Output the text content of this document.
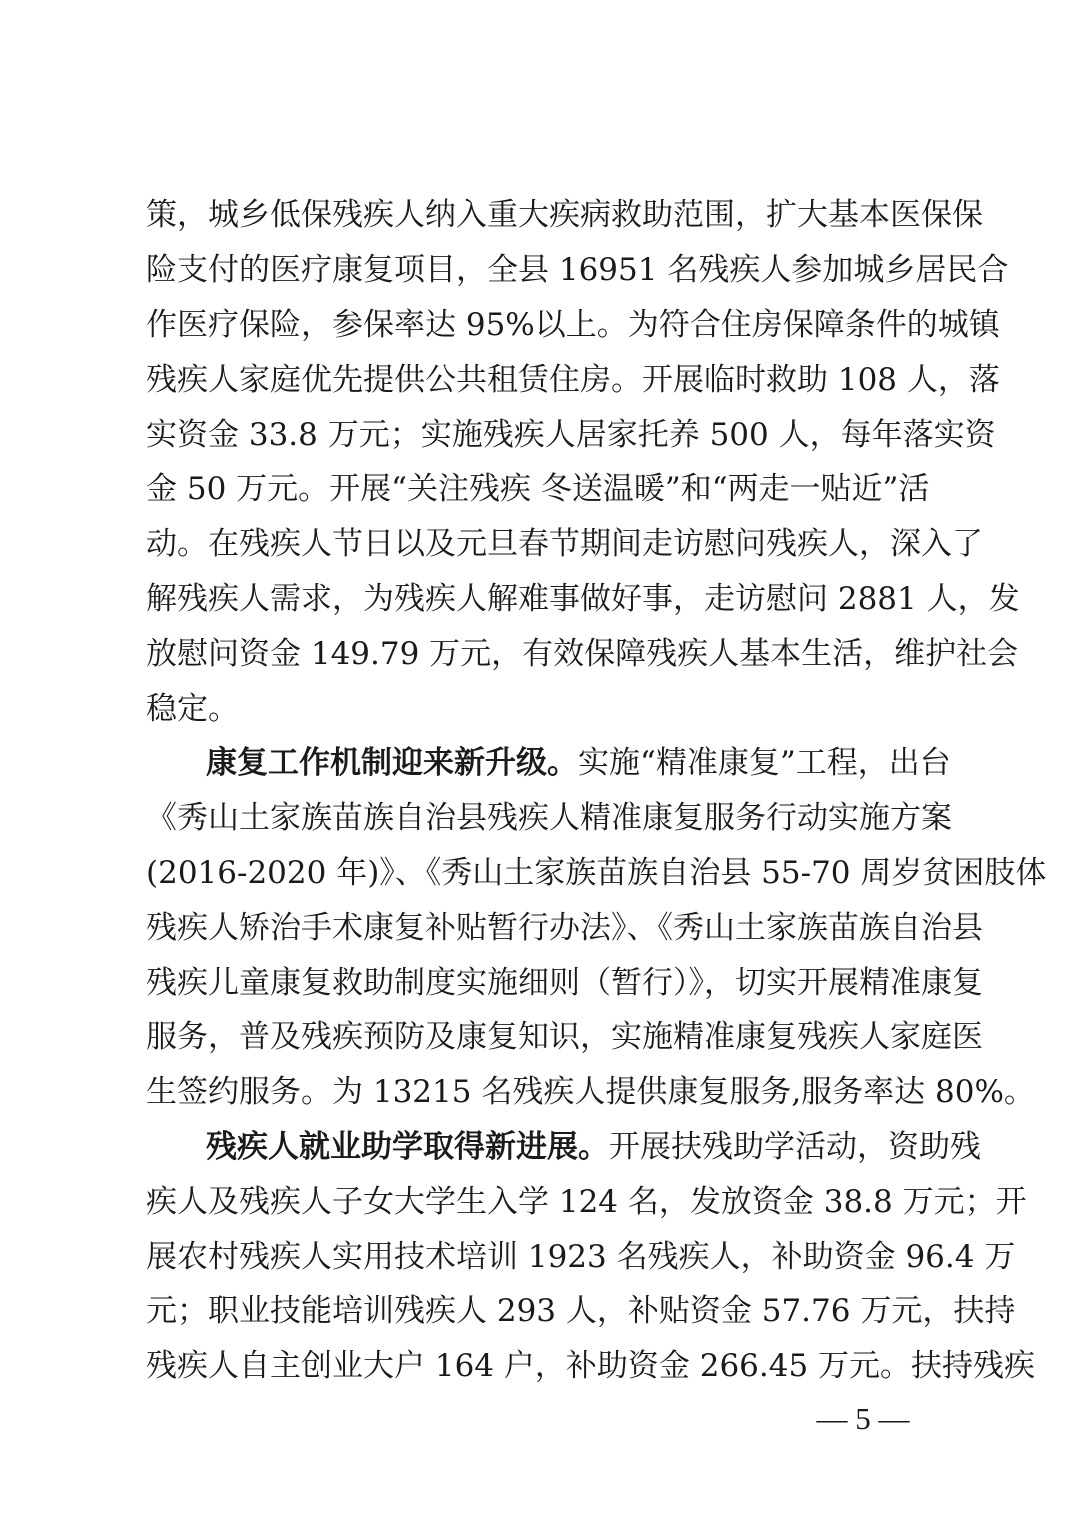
策，城乡低保残疾人纳入重大疾病救助范围，扩大基本医保保
险支付的医疗康复项目，全县 16951 名残疾人参加城乡居民合
作医疗保险，参保率达 95%以上。为符合住房保障条件的城镇
残疾人家庭优先提供公共租赁住房。开展临时救助 108 人，落
实资金 33.8 万元；实施残疾人居家托养 500 人，每年落实资
金 50 万元。开展“关注残疾 冬送温暖”和“两走一贴近”活
动。在残疾人节日以及元旦春节期间走访慰问残疾人，深入了
解残疾人需求，为残疾人解难事做好事，走访慰问 2881 人，发
放慰问资金 149.79 万元，有效保障残疾人基本生活，维护社会
稳定。
康复工作机制迎来新升级。实施“精准康复”工程，出台
《秀山土家族苗族自治县残疾人精准康复服务行动实施方案
(2016-2020 年)》、《秀山土家族苗族自治县 55-70 周岁贫困肢体
残疾人矫治手术康复补贴暂行办法》、《秀山土家族苗族自治县
残疾儿童康复救助制度实施细则（暂行）》，切实开展精准康复
服务，普及残疾预防及康复知识，实施精准康复残疾人家庭医
生签约服务。为 13215 名残疾人提供康复服务,服务率达 80%。
残疾人就业助学取得新进展。开展扶残助学活动，资助残
疾人及残疾人子女大学生入学 124 名，发放资金 38.8 万元；开
展农村残疾人实用技术培训 1923 名残疾人，补助资金 96.4 万
元；职业技能培训残疾人 293 人，补贴资金 57.76 万元，扶持
残疾人自主创业大户 164 户，补助资金 266.45 万元。扶持残疾
— 5 —
